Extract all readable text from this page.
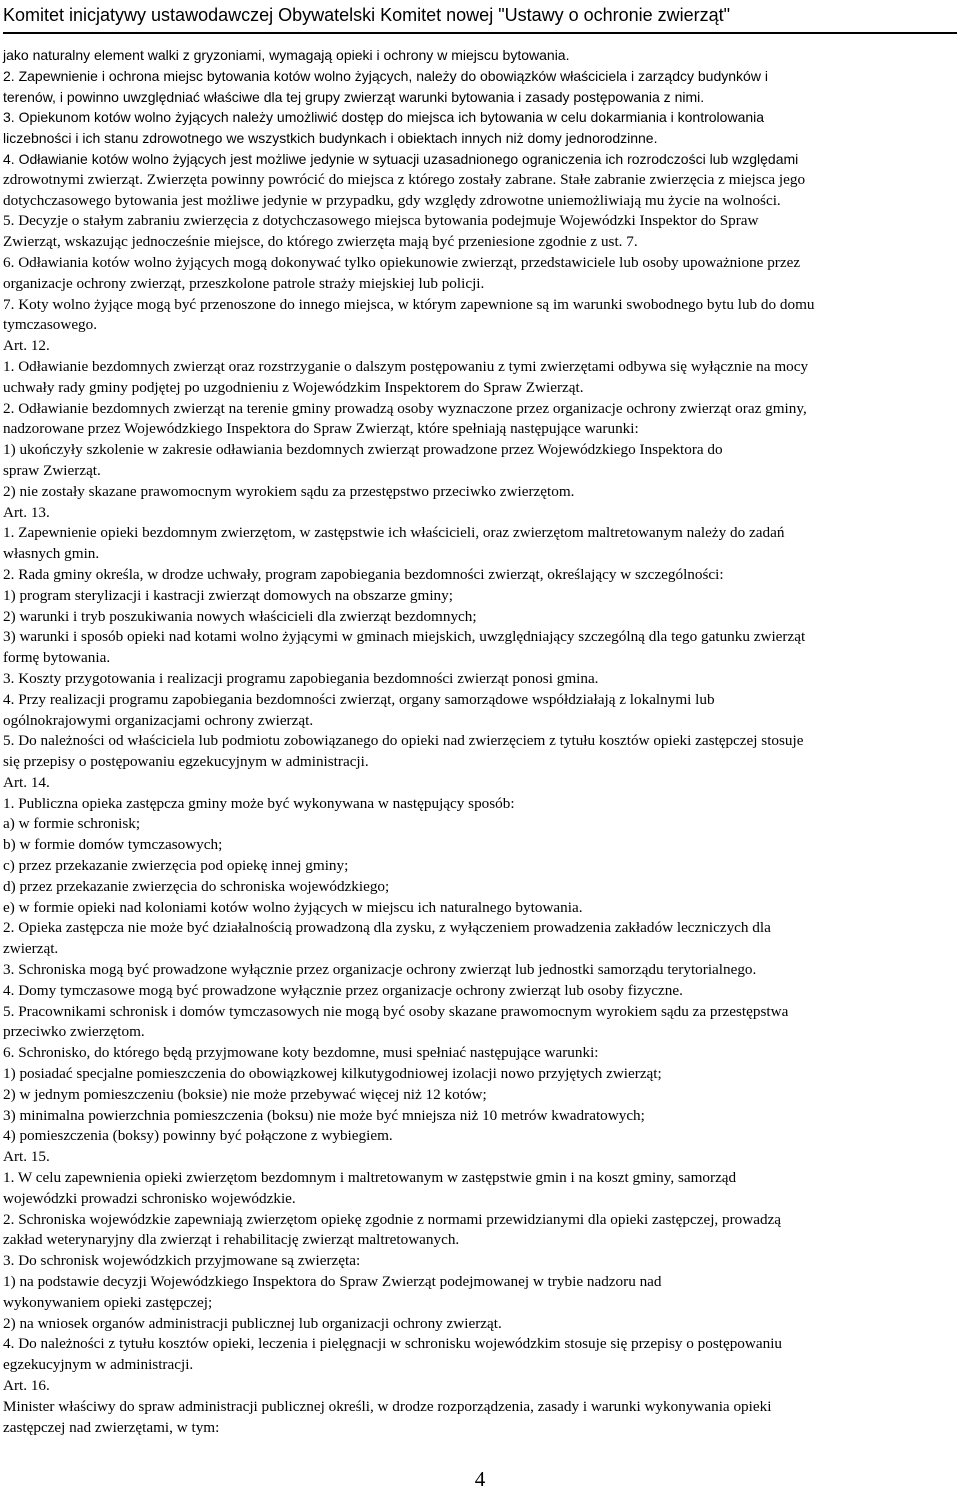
Komitet inicjatywy ustawodawczej Obywatelski Komitet nowej "Ustawy o ochronie zwierząt"
jako naturalny element walki z gryzoniami, wymagają opieki i ochrony w miejscu bytowania.
2. Zapewnienie i ochrona miejsc bytowania kotów wolno żyjących, należy do obowiązków właściciela i zarządcy budynków i
terenów, i powinno uwzględniać właściwe dla tej grupy zwierząt warunki bytowania i zasady postępowania z nimi.
3. Opiekunom kotów wolno żyjących należy umożliwić dostęp do miejsca ich bytowania w celu dokarmiania i kontrolowania
liczebności i ich stanu zdrowotnego we wszystkich budynkach i obiektach innych niż domy jednorodzinne.
4. Odławianie kotów wolno żyjących jest możliwe jedynie w sytuacji uzasadnionego ograniczenia ich rozrodczości lub względami
zdrowotnymi zwierząt. Zwierzęta powinny powrócić do miejsca z którego zostały zabrane. Stałe zabranie zwierzęcia z miejsca jego
dotychczasowego bytowania jest możliwe jedynie w przypadku, gdy względy zdrowotne uniemożliwiają mu życie na wolności.
5. Decyzje o stałym zabraniu zwierzęcia z dotychczasowego miejsca bytowania podejmuje Wojewódzki Inspektor do Spraw
Zwierząt, wskazując jednocześnie miejsce, do którego zwierzęta mają być przeniesione zgodnie z ust. 7.
6. Odławiania kotów wolno żyjących mogą dokonywać tylko opiekunowie zwierząt, przedstawiciele lub osoby upoważnione przez
organizacje ochrony zwierząt, przeszkolone patrole straży miejskiej lub policji.
7. Koty wolno żyjące mogą być przenoszone do innego miejsca, w którym zapewnione są im warunki swobodnego bytu lub do domu
tymczasowego.
Art. 12.
1. Odławianie bezdomnych zwierząt oraz rozstrzyganie o dalszym postępowaniu z tymi zwierzętami odbywa się wyłącznie na mocy
uchwały rady gminy podjętej po uzgodnieniu z Wojewódzkim Inspektorem do Spraw Zwierząt.
2. Odławianie bezdomnych zwierząt na terenie gminy prowadzą osoby wyznaczone przez organizacje ochrony zwierząt oraz gminy,
nadzorowane przez Wojewódzkiego Inspektora do Spraw Zwierząt, które spełniają następujące warunki:
1) ukończyły szkolenie w zakresie odławiania bezdomnych zwierząt prowadzone przez Wojewódzkiego Inspektora do
spraw Zwierząt.
2) nie zostały skazane prawomocnym wyrokiem sądu za przestępstwo przeciwko zwierzętom.
Art. 13.
1. Zapewnienie opieki bezdomnym zwierzętom, w zastępstwie ich właścicieli, oraz zwierzętom maltretowanym należy do zadań
własnych gmin.
2. Rada gminy określa, w drodze uchwały, program zapobiegania bezdomności zwierząt, określający w szczególności:
1) program sterylizacji i kastracji zwierząt domowych na obszarze gminy;
2) warunki i tryb poszukiwania nowych właścicieli dla zwierząt bezdomnych;
3) warunki i sposób opieki nad kotami wolno żyjącymi w gminach miejskich, uwzględniający szczególną dla tego gatunku zwierząt
formę bytowania.
3. Koszty przygotowania i realizacji programu zapobiegania bezdomności zwierząt ponosi gmina.
4. Przy realizacji programu zapobiegania bezdomności zwierząt, organy samorządowe współdziałają z lokalnymi lub
ogólnokrajowymi organizacjami ochrony zwierząt.
5. Do należności od właściciela lub podmiotu zobowiązanego do opieki nad zwierzęciem z tytułu kosztów opieki zastępczej stosuje
się przepisy o postępowaniu egzekucyjnym w administracji.
Art. 14.
1. Publiczna opieka zastępcza gminy może być wykonywana w następujący sposób:
a) w formie schronisk;
b) w formie domów tymczasowych;
c) przez przekazanie zwierzęcia pod opiekę innej gminy;
d) przez przekazanie zwierzęcia do schroniska wojewódzkiego;
e) w formie opieki nad koloniami kotów wolno żyjących w miejscu ich naturalnego bytowania.
2. Opieka zastępcza nie może być działalnością prowadzoną dla zysku, z wyłączeniem prowadzenia zakładów leczniczych dla
zwierząt.
3. Schroniska mogą być prowadzone wyłącznie przez organizacje ochrony zwierząt lub jednostki samorządu terytorialnego.
4. Domy tymczasowe mogą być prowadzone wyłącznie przez organizacje ochrony zwierząt lub osoby fizyczne.
5. Pracownikami schronisk i domów tymczasowych nie mogą być osoby skazane prawomocnym wyrokiem sądu za przestępstwa
przeciwko zwierzętom.
6. Schronisko, do którego będą przyjmowane koty bezdomne, musi spełniać następujące warunki:
1) posiadać specjalne pomieszczenia do obowiązkowej kilkutygodniowej izolacji nowo przyjętych zwierząt;
2) w jednym pomieszczeniu (boksie) nie może przebywać więcej niż 12 kotów;
3) minimalna powierzchnia pomieszczenia (boksu) nie może być mniejsza niż 10 metrów kwadratowych;
4) pomieszczenia (boksy) powinny być połączone z wybiegiem.
Art. 15.
1. W celu zapewnienia opieki zwierzętom bezdomnym i maltretowanym w zastępstwie gmin i na koszt gminy, samorząd
wojewódzki prowadzi schronisko wojewódzkie.
2. Schroniska wojewódzkie zapewniają zwierzętom opiekę zgodnie z normami przewidzianymi dla opieki zastępczej, prowadzą
zakład weterynaryjny dla zwierząt i rehabilitację zwierząt maltretowanych.
3. Do schronisk wojewódzkich przyjmowane są zwierzęta:
1) na podstawie decyzji Wojewódzkiego Inspektora do Spraw Zwierząt podejmowanej w trybie nadzoru nad
wykonywaniem opieki zastępczej;
2) na wniosek organów administracji publicznej lub organizacji ochrony zwierząt.
4. Do należności z tytułu kosztów opieki, leczenia i pielęgnacji w schronisku wojewódzkim stosuje się przepisy o postępowaniu
egzekucyjnym w administracji.
Art. 16.
Minister właściwy do spraw administracji publicznej określi, w drodze rozporządzenia, zasady i warunki wykonywania opieki
zastępczej nad zwierzętami, w tym:
4
